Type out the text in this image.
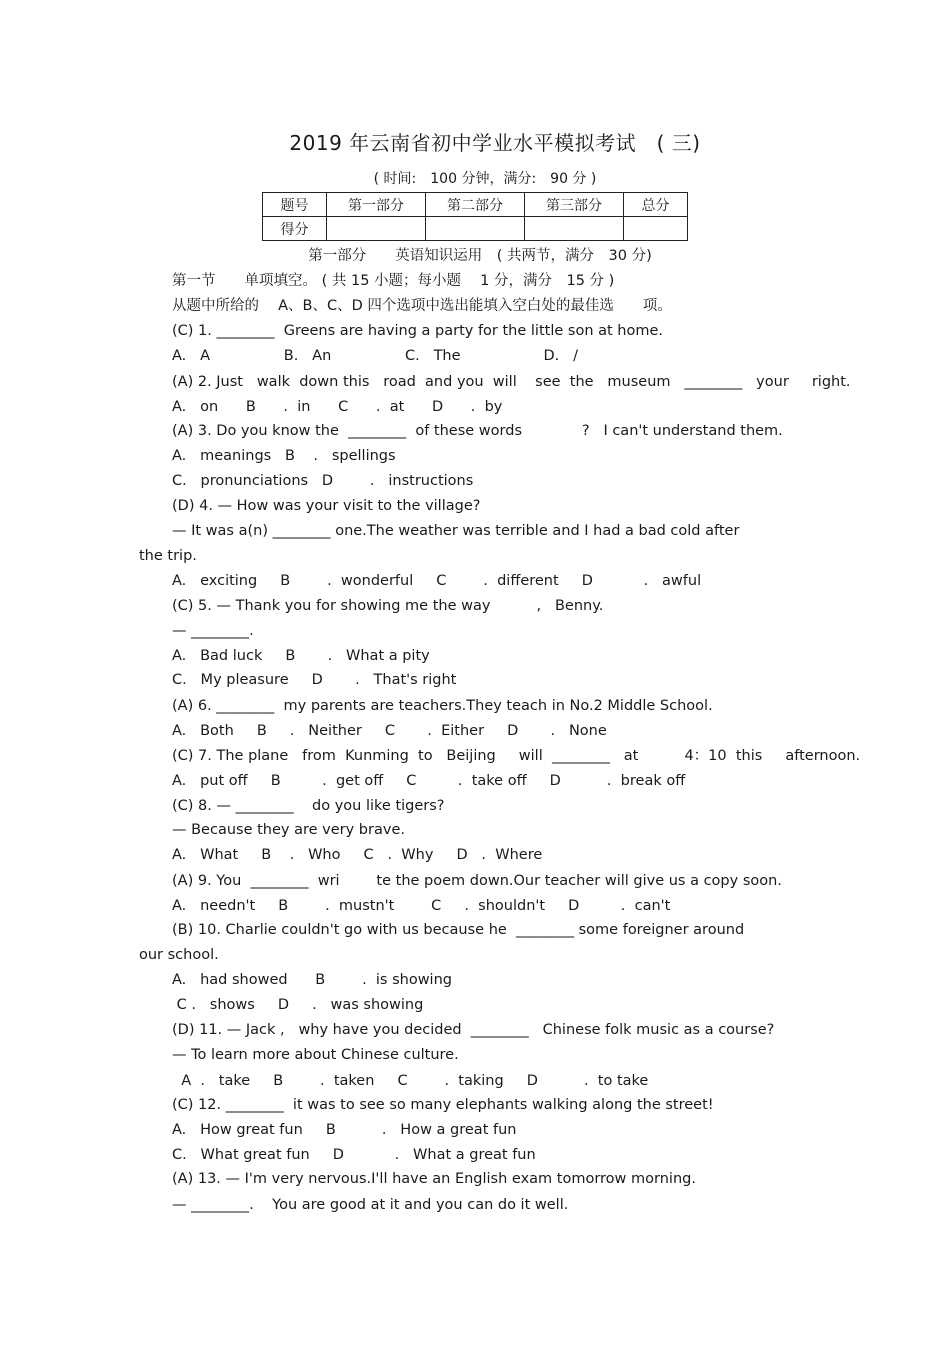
2019 年云南省初中学业水平模拟考试　( 三)
( 时间:　100 分钟，满分:　90 分 )
题号	第一部分	第二部分	第三部分	总分
得分				
第一部分　　英语知识运用　( 共两节，满分　30 分)
第一节　　单项填空。 ( 共 15 小题；每小题　 1 分，满分　15 分 )
从题中所给的　 A、B、C、D 四个选项中选出能填入空白处的最佳选　　项。
(C) 1. ________  Greens are having a party for the little son at home.
A.   A                B.   An                C.   The                  D.   /
(A) 2. Just   walk  down this   road  and you  will    see  the   museum   ________   your     right.
A.   on      B      .  in      C      .  at      D      .  by
(A) 3. Do you know the  ________  of these words             ?   I can't understand them.
A.   meanings   B    .   spellings
C.   pronunciations   D        .   instructions
(D) 4. — How was your visit to the village?
— It was a(n) ________ one.The weather was terrible and I had a bad cold after
the trip.
A.   exciting     B        .  wonderful     C        .  different     D           .   awful
(C) 5. — Thank you for showing me the way          ,   Benny.
— ________.
A.   Bad luck     B       .   What a pity
C.   My pleasure     D       .   That's right
(A) 6. ________  my parents are teachers.They teach in No.2 Middle School.
A.   Both     B     .   Neither     C       .  Either     D       .   None
(C) 7. The plane   from  Kunming  to   Beijing     will  ________   at          4：10  this     afternoon.
A.   put off     B         .  get off     C         .  take off     D          .  break off
(C) 8. — ________    do you like tigers?
— Because they are very brave.
A.   What     B    .   Who     C   .  Why     D   .  Where
(A) 9. You  ________  wri        te the poem down.Our teacher will give us a copy soon.
A.   needn't     B        .  mustn't        C     .  shouldn't     D         .  can't
(B) 10. Charlie couldn't go with us because he  ________ some foreigner around
our school.
A.   had showed      B        .  is showing
C .   shows     D     .   was showing
(D) 11. — Jack ,   why have you decided  ________   Chinese folk music as a course?
— To learn more about Chinese culture.
A  .   take     B        .  taken     C        .  taking     D          .  to take
(C) 12. ________  it was to see so many elephants walking along the street!
A.   How great fun     B          .   How a great fun
C.   What great fun     D           .   What a great fun
(A) 13. — I'm very nervous.I'll have an English exam tomorrow morning.
— ________.    You are good at it and you can do it well.
